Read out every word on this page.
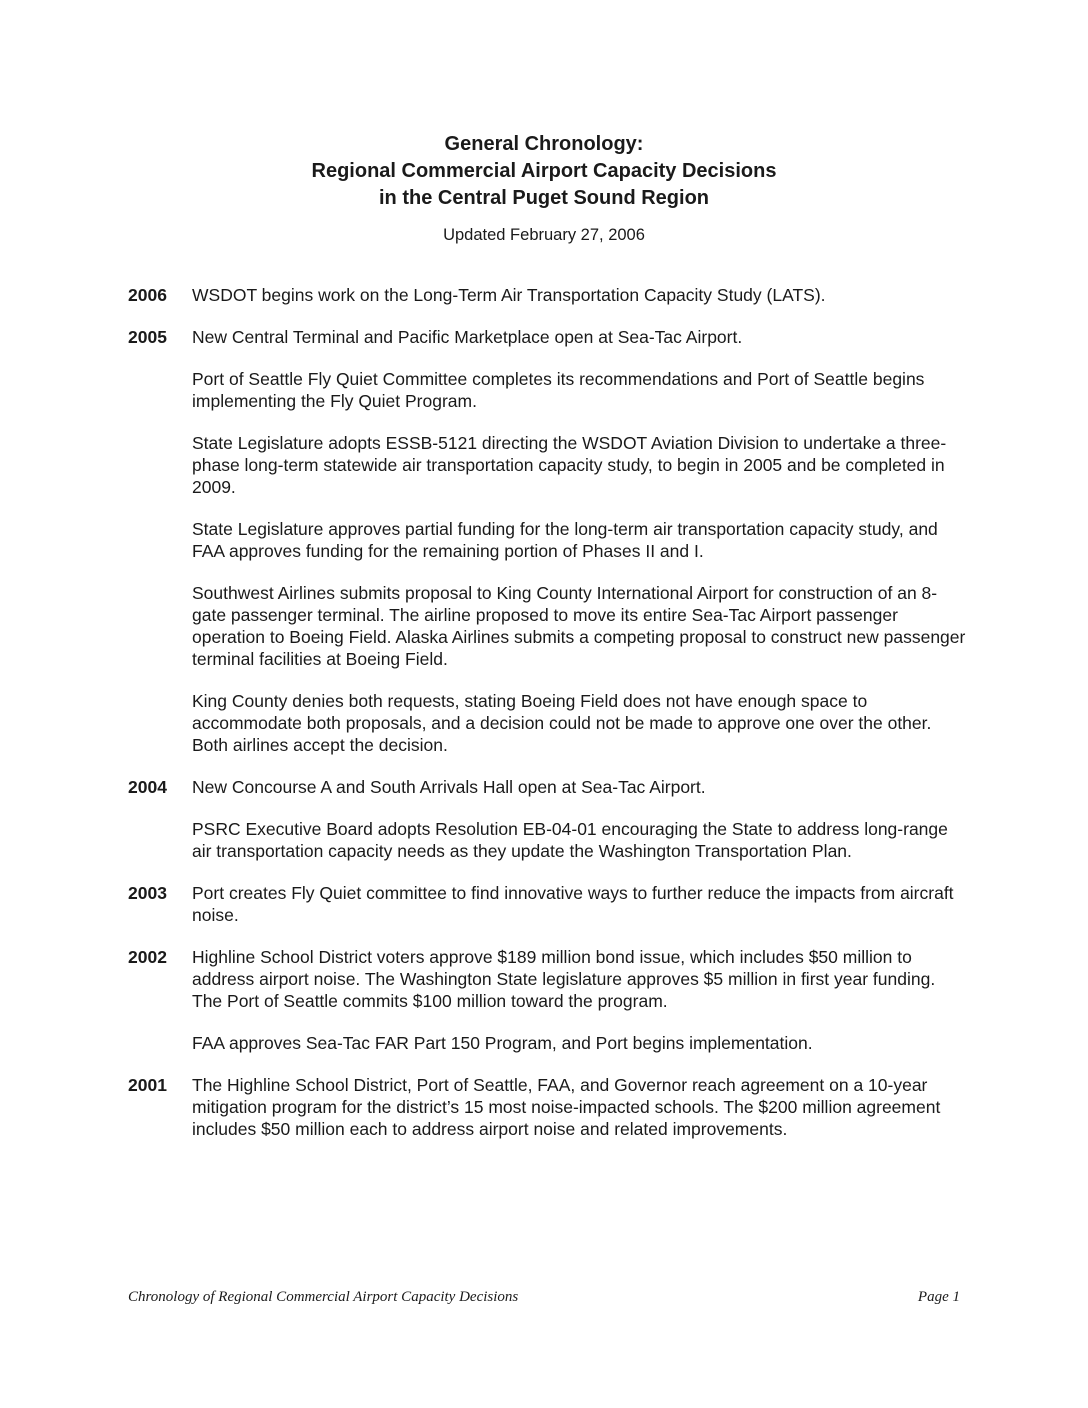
General Chronology:
Regional Commercial Airport Capacity Decisions
in the Central Puget Sound Region
Updated February 27, 2006
2006 WSDOT begins work on the Long-Term Air Transportation Capacity Study (LATS).

2005 New Central Terminal and Pacific Marketplace open at Sea-Tac Airport.

Port of Seattle Fly Quiet Committee completes its recommendations and Port of Seattle begins implementing the Fly Quiet Program.

State Legislature adopts ESSB-5121 directing the WSDOT Aviation Division to undertake a three-phase long-term statewide air transportation capacity study, to begin in 2005 and be completed in 2009.

State Legislature approves partial funding for the long-term air transportation capacity study, and FAA approves funding for the remaining portion of Phases II and I.

Southwest Airlines submits proposal to King County International Airport for construction of an 8-gate passenger terminal. The airline proposed to move its entire Sea-Tac Airport passenger operation to Boeing Field. Alaska Airlines submits a competing proposal to construct new passenger terminal facilities at Boeing Field.

King County denies both requests, stating Boeing Field does not have enough space to accommodate both proposals, and a decision could not be made to approve one over the other. Both airlines accept the decision.

2004 New Concourse A and South Arrivals Hall open at Sea-Tac Airport.

PSRC Executive Board adopts Resolution EB-04-01 encouraging the State to address long-range air transportation capacity needs as they update the Washington Transportation Plan.

2003 Port creates Fly Quiet committee to find innovative ways to further reduce the impacts from aircraft noise.

2002 Highline School District voters approve $189 million bond issue, which includes $50 million to address airport noise. The Washington State legislature approves $5 million in first year funding. The Port of Seattle commits $100 million toward the program.

FAA approves Sea-Tac FAR Part 150 Program, and Port begins implementation.

2001 The Highline School District, Port of Seattle, FAA, and Governor reach agreement on a 10-year mitigation program for the district’s 15 most noise-impacted schools. The $200 million agreement includes $50 million each to address airport noise and related improvements.

Chronology of Regional Commercial Airport Capacity Decisions	Page 1
